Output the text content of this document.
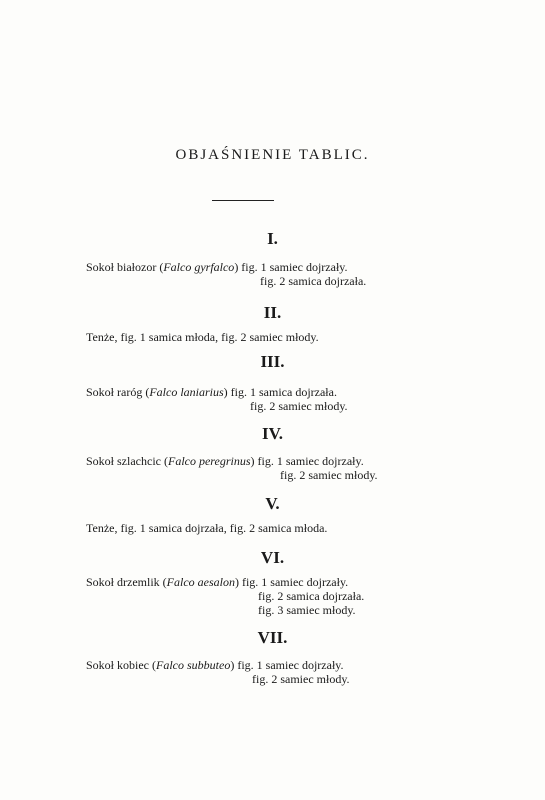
OBJAŚNIENIE TABLIC.
I.
Sokoł białozor (Falco gyrfalco) fig. 1 samiec dojrzały.
fig. 2 samica dojrzała.
II.
Tenże, fig. 1 samica młoda, fig. 2 samiec młody.
III.
Sokoł raróg (Falco laniarius) fig. 1 samica dojrzała.
fig. 2 samiec młody.
IV.
Sokoł szlachcic (Falco peregrinus) fig. 1 samiec dojrzały.
fig. 2 samiec młody.
V.
Tenże, fig. 1 samica dojrzała, fig. 2 samica młoda.
VI.
Sokoł drzemlik (Falco aesalon) fig. 1 samiec dojrzały.
fig. 2 samica dojrzała.
fig. 3 samiec młody.
VII.
Sokoł kobiec (Falco subbuteo) fig. 1 samiec dojrzały.
fig. 2 samiec młody.
